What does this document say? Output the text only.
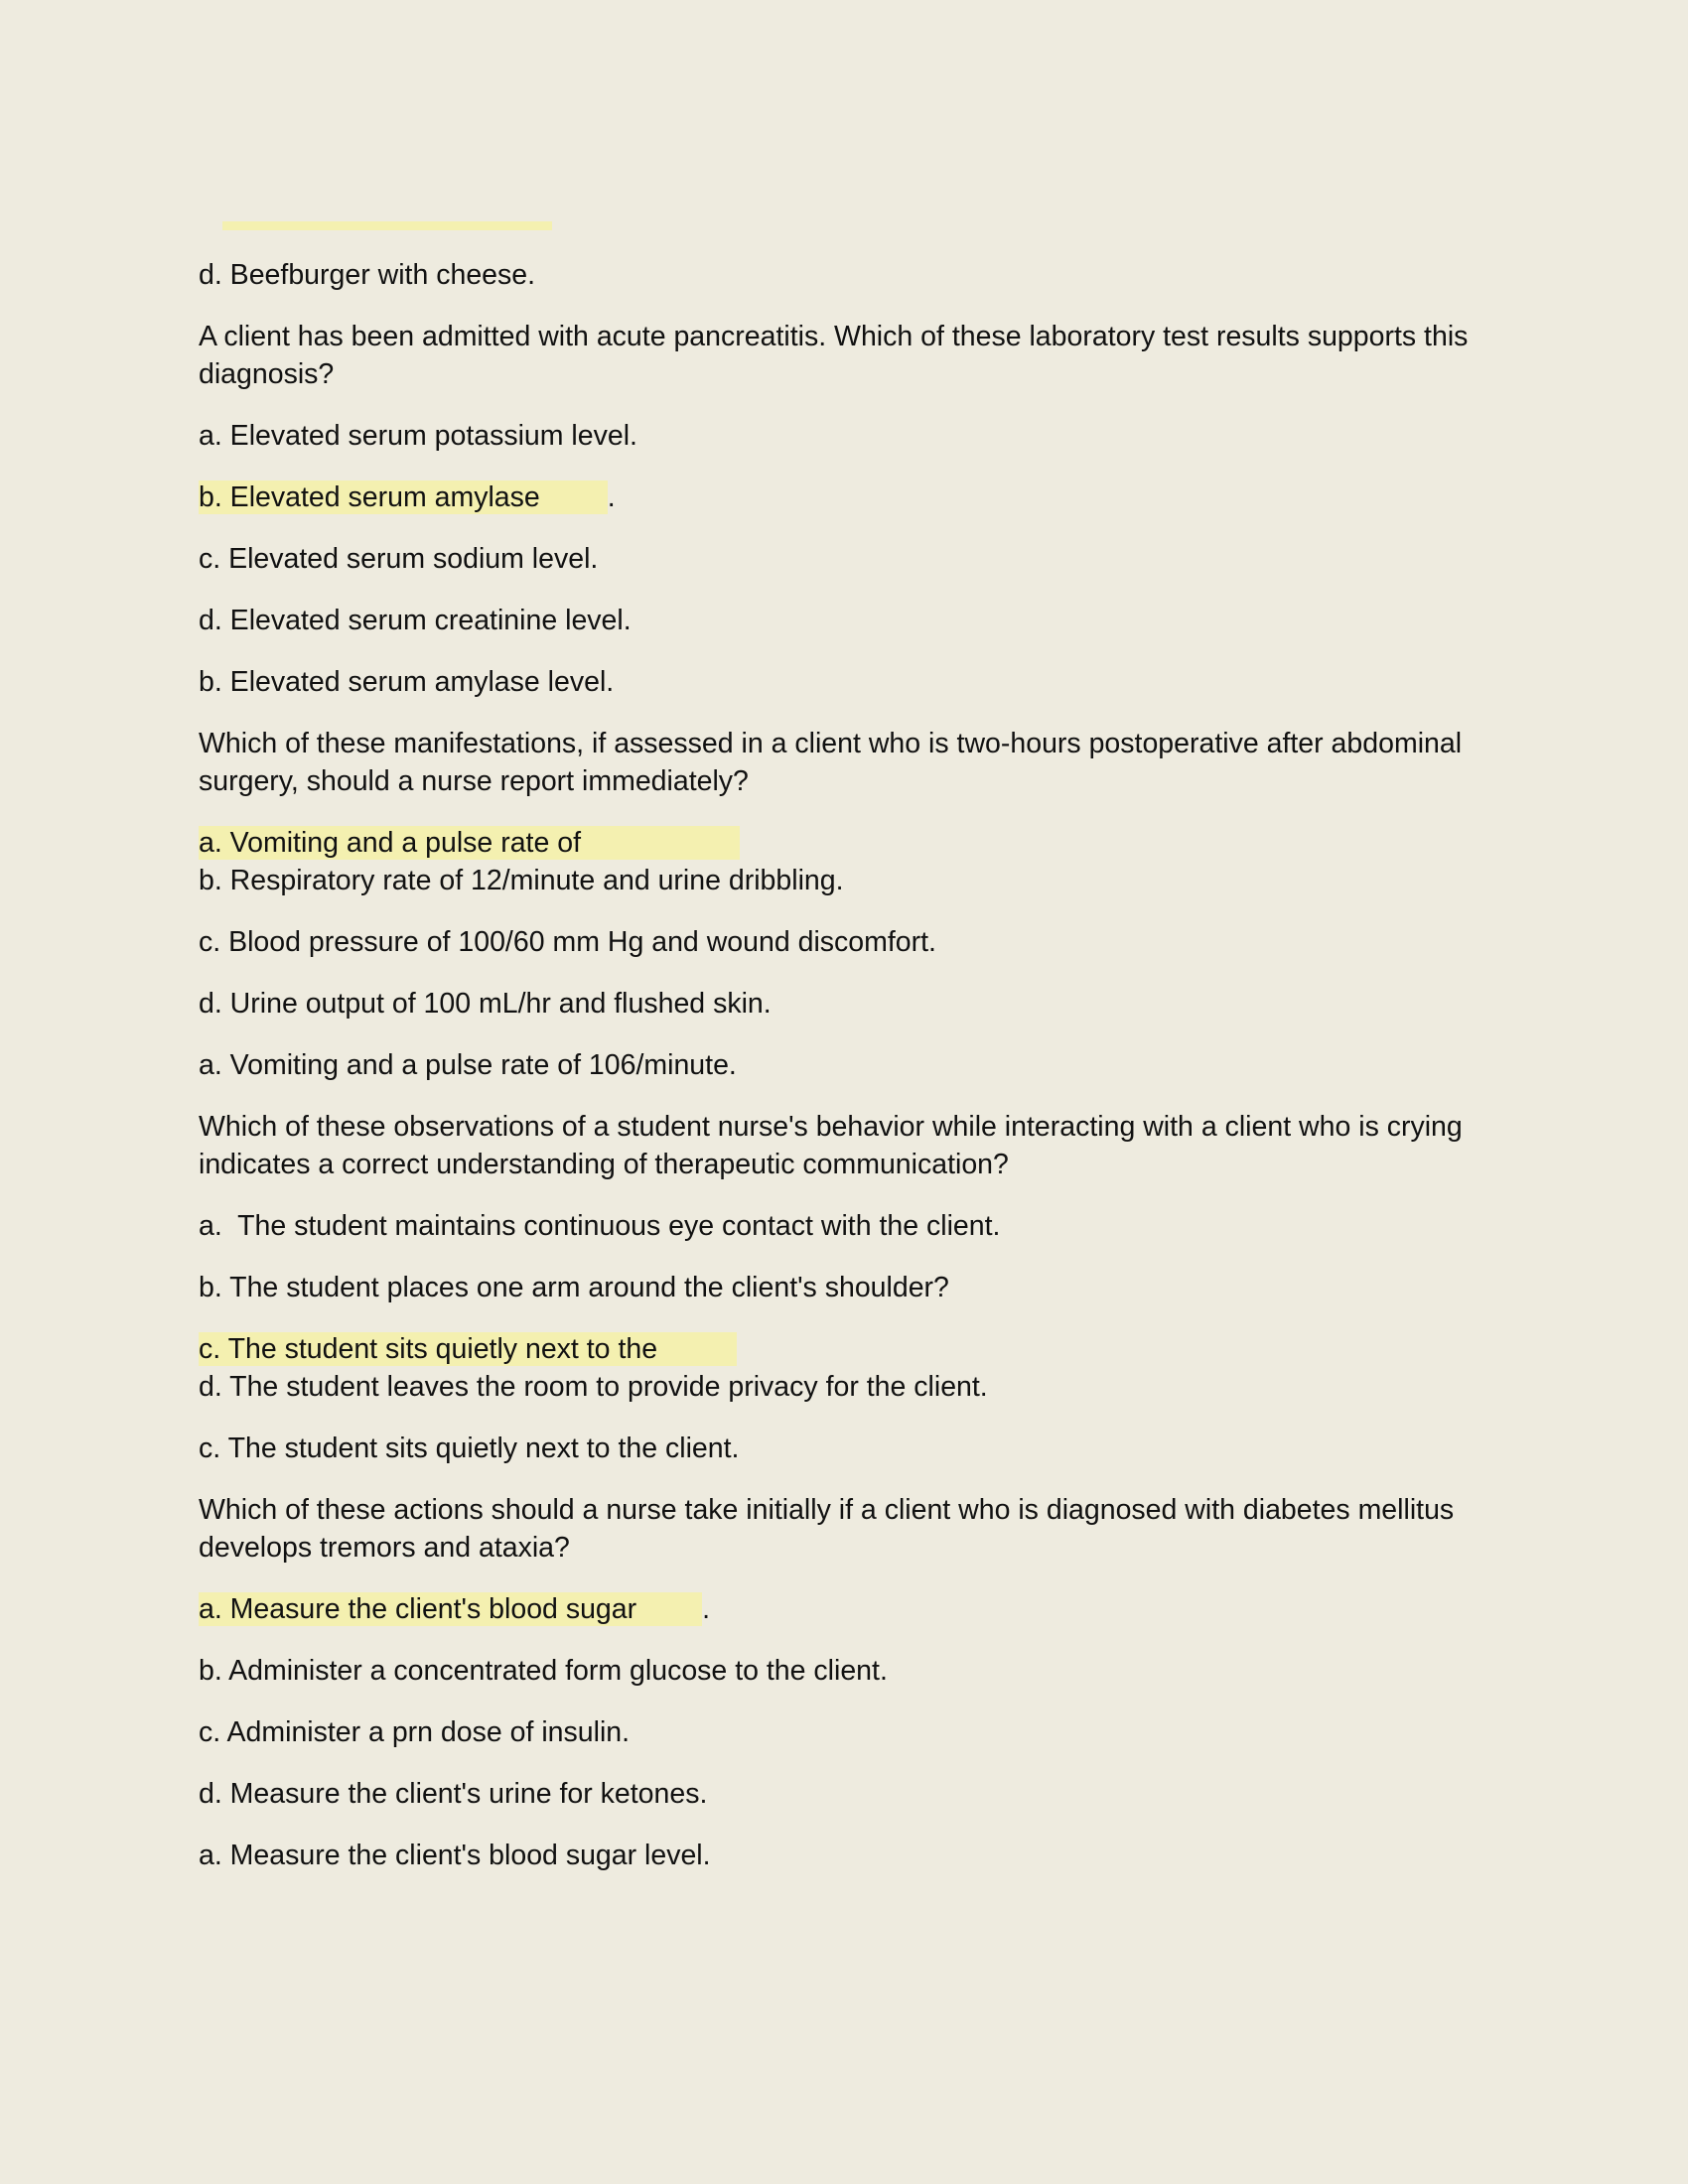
d. Beefburger with cheese.

A client has been admitted with acute pancreatitis. Which of these laboratory test results supports this diagnosis?

a. Elevated serum potassium level.

b. Elevated serum amylase .

c. Elevated serum sodium level.

d. Elevated serum creatinine level.

b. Elevated serum amylase level.

Which of these manifestations, if assessed in a client who is two-hours postoperative after abdominal surgery, should a nurse report immediately?

a. Vomiting and a pulse rate of

b. Respiratory rate of 12/minute and urine dribbling.

c. Blood pressure of 100/60 mm Hg and wound discomfort.

d. Urine output of 100 mL/hr and flushed skin.

a. Vomiting and a pulse rate of 106/minute.

Which of these observations of a student nurse's behavior while interacting with a client who is crying indicates a correct understanding of therapeutic communication?

a.  The student maintains continuous eye contact with the client.

b. The student places one arm around the client's shoulder?

c. The student sits quietly next to the

d. The student leaves the room to provide privacy for the client.

c. The student sits quietly next to the client.

Which of these actions should a nurse take initially if a client who is diagnosed with diabetes mellitus develops tremors and ataxia?

a. Measure the client's blood sugar .

b. Administer a concentrated form glucose to the client.

c. Administer a prn dose of insulin.

d. Measure the client's urine for ketones.

a. Measure the client's blood sugar level.
